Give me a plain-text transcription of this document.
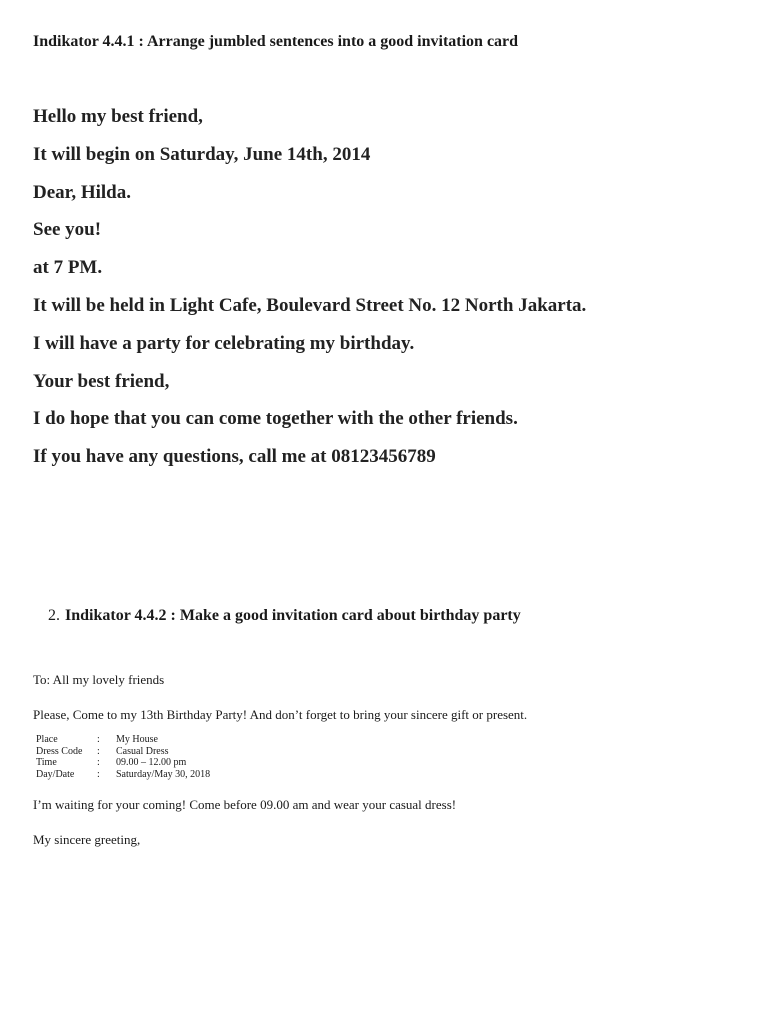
Indikator 4.4.1 : Arrange jumbled sentences into a good invitation card
Hello my best friend,
It will begin on Saturday, June 14th, 2014
Dear, Hilda.
See you!
at 7 PM.
It will be held in Light Cafe, Boulevard Street No. 12 North Jakarta.
I will have a party for celebrating my birthday.
Your best friend,
I do hope that you can come together with the other friends.
If you have any questions, call me at 08123456789
2. Indikator 4.4.2 : Make a good invitation card about birthday party

To: All my lovely friends

Please, Come to my 13th Birthday Party! And don’t forget to bring your sincere gift or present.

Place	:	My House
Dress Code	:	Casual Dress
Time	:	09.00 – 12.00 pm
Day/Date	:	Saturday/May 30, 2018

I’m waiting for your coming! Come before 09.00 am and wear your casual dress!

My sincere greeting,
